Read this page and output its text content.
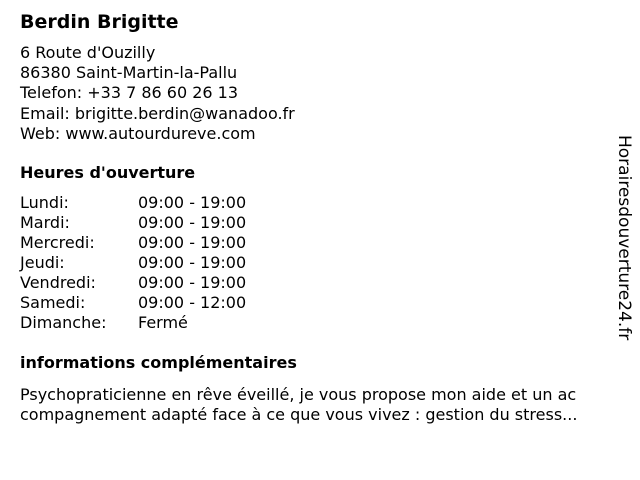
Berdin Brigitte
6 Route d'Ouzilly
86380 Saint-Martin-la-Pallu
Telefon: +33 7 86 60 26 13
Email: brigitte.berdin@wanadoo.fr
Web: www.autourdureve.com
Heures d'ouverture
Lundi:	09:00 - 19:00
Mardi:	09:00 - 19:00
Mercredi:	09:00 - 19:00
Jeudi:	09:00 - 19:00
Vendredi:	09:00 - 19:00
Samedi:	09:00 - 12:00
Dimanche:	Fermé
informations complémentaires
Psychopraticienne en rêve éveillé, je vous propose mon aide et un ac
compagnement adapté face à ce que vous vivez : gestion du stress...
Horairesdouverture24.fr
